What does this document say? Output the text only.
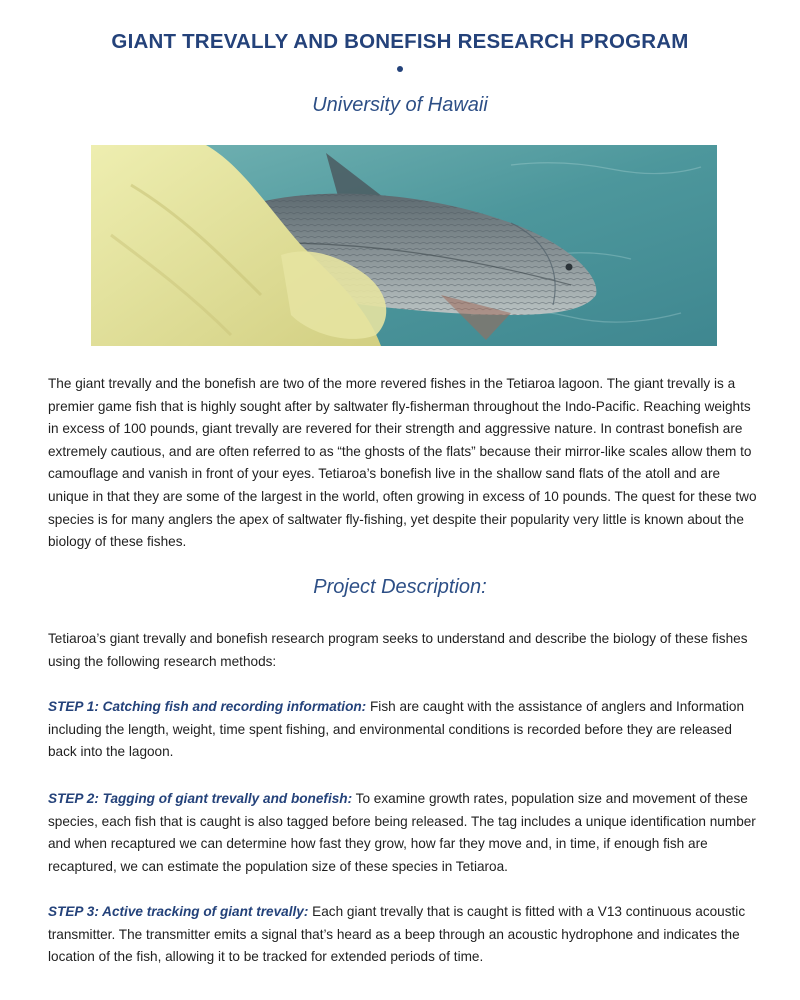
GIANT TREVALLY AND BONEFISH RESEARCH PROGRAM
University of Hawaii

The giant trevally and the bonefish are two of the more revered fishes in the Tetiaroa lagoon. The giant trevally is a premier game fish that is highly sought after by saltwater fly-fisherman throughout the Indo-Pacific. Reaching weights in excess of 100 pounds, giant trevally are revered for their strength and aggressive nature. In contrast bonefish are extremely cautious, and are often referred to as “the ghosts of the flats” because their mirror-like scales allow them to camouflage and vanish in front of your eyes. Tetiaroa’s bonefish live in the shallow sand flats of the atoll and are unique in that they are some of the largest in the world, often growing in excess of 10 pounds. The quest for these two species is for many anglers the apex of saltwater fly-fishing, yet despite their popularity very little is known about the biology of these fishes.

Project Description:

Tetiaroa’s giant trevally and bonefish research program seeks to understand and describe the biology of these fishes using the following research methods:

STEP 1: Catching fish and recording information: Fish are caught with the assistance of anglers and Information including the length, weight, time spent fishing, and environmental conditions is recorded before they are released back into the lagoon.

STEP 2: Tagging of giant trevally and bonefish: To examine growth rates, population size and movement of these species, each fish that is caught is also tagged before being released. The tag includes a unique identification number and when recaptured we can determine how fast they grow, how far they move and, in time, if enough fish are recaptured, we can estimate the population size of these species in Tetiaroa.

STEP 3: Active tracking of giant trevally: Each giant trevally that is caught is fitted with a V13 continuous acoustic transmitter. The transmitter emits a signal that’s heard as a beep through an acoustic hydrophone and indicates the location of the fish, allowing it to be tracked for extended periods of time.
